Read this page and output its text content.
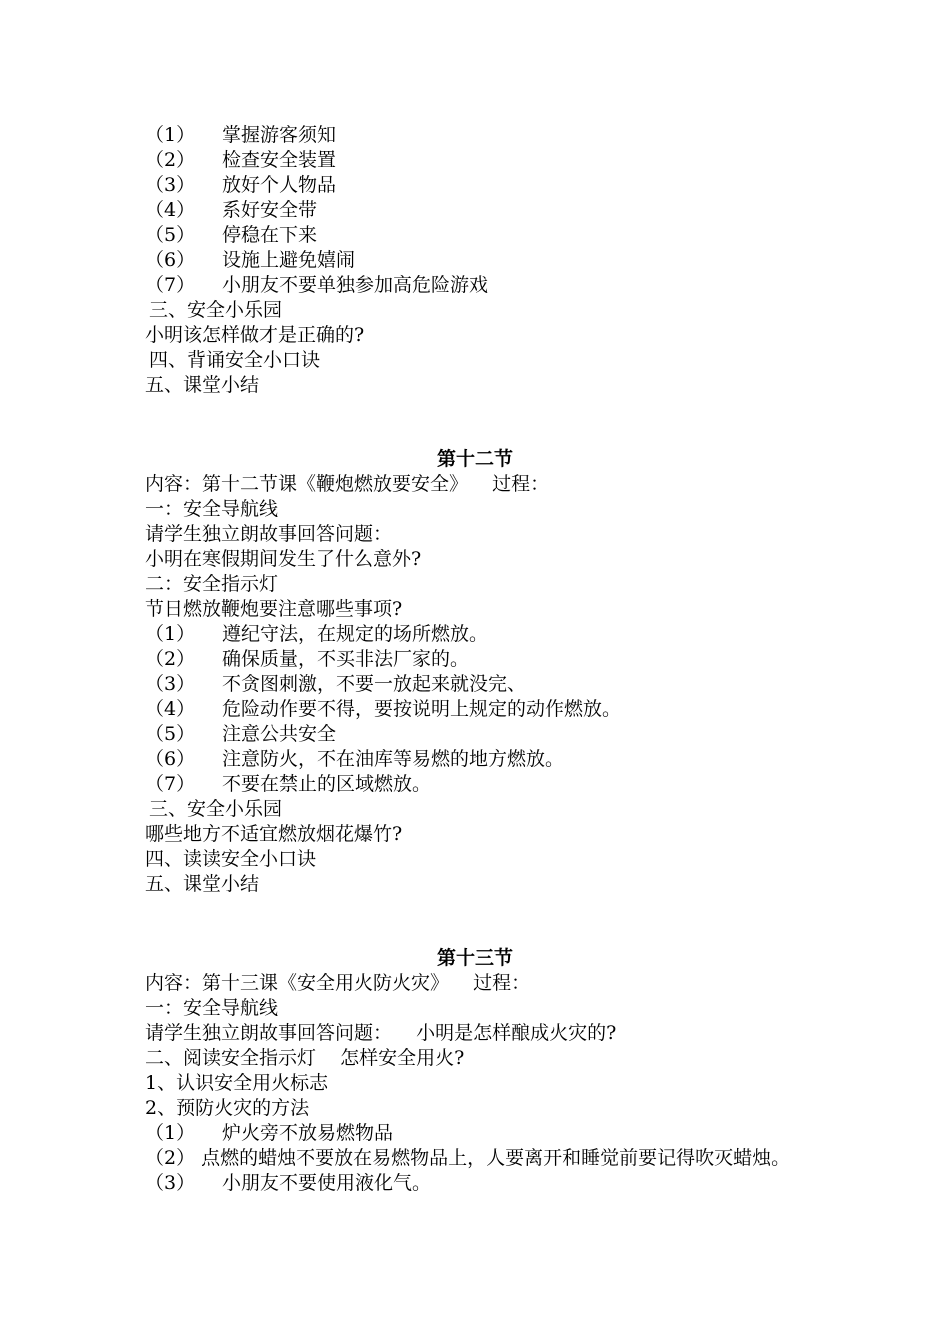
（1） 掌握游客须知
（2） 检查安全装置
（3） 放好个人物品
（4） 系好安全带
（5） 停稳在下来
（6） 设施上避免嬉闹
（7） 小朋友不要单独参加高危险游戏
三、安全小乐园
小明该怎样做才是正确的?
四、背诵安全小口诀
五、课堂小结
第十二节
内容：第十二节课《鞭炮燃放要安全》    过程：
一：安全导航线
请学生独立朗故事回答问题：
小明在寒假期间发生了什么意外?
二：安全指示灯
节日燃放鞭炮要注意哪些事项?
（1） 遵纪守法，在规定的场所燃放。
（2） 确保质量，不买非法厂家的。
（3） 不贪图刺激，不要一放起来就没完、
（4） 危险动作要不得，要按说明上规定的动作燃放。
（5） 注意公共安全
（6） 注意防火，不在油库等易燃的地方燃放。
（7） 不要在禁止的区域燃放。
三、安全小乐园
哪些地方不适宜燃放烟花爆竹?
四、读读安全小口诀
五、课堂小结
第十三节
内容：第十三课《安全用火防火灾》    过程：
一：安全导航线
请学生独立朗故事回答问题：    小明是怎样酿成火灾的?
二、阅读安全指示灯    怎样安全用火?
1、认识安全用火标志
2、预防火灾的方法
（1） 炉火旁不放易燃物品
（2） 点燃的蜡烛不要放在易燃物品上，人要离开和睡觉前要记得吹灭蜡烛。
（3） 小朋友不要使用液化气。
